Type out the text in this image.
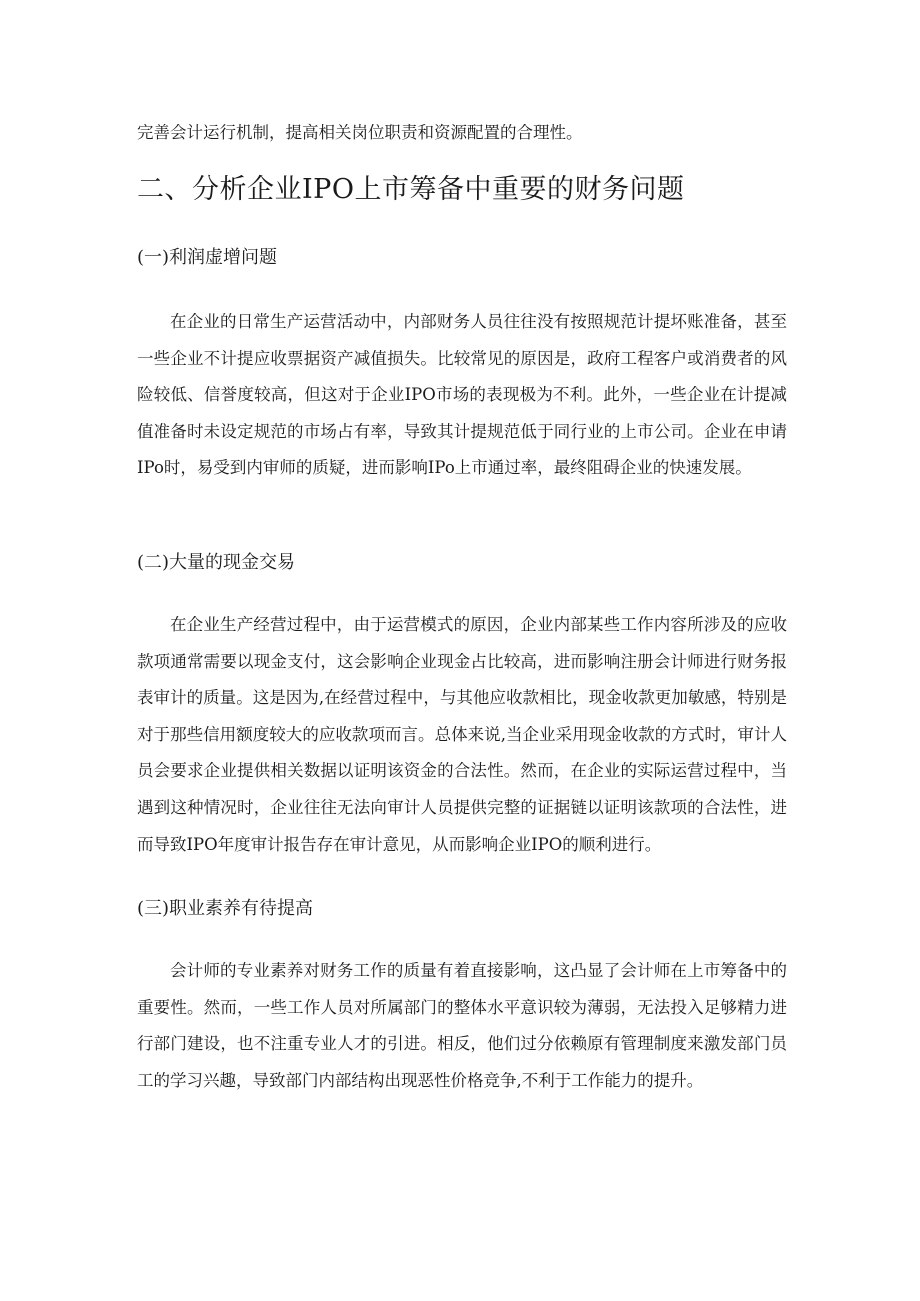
完善会计运行机制，提高相关岗位职责和资源配置的合理性。
二、分析企业IPO上市筹备中重要的财务问题
(一)利润虚增问题
在企业的日常生产运营活动中，内部财务人员往往没有按照规范计提坏账准备，甚至一些企业不计提应收票据资产减值损失。比较常见的原因是，政府工程客户或消费者的风险较低、信誉度较高，但这对于企业IPO市场的表现极为不利。此外，一些企业在计提减值准备时未设定规范的市场占有率，导致其计提规范低于同行业的上市公司。企业在申请IPo时，易受到内审师的质疑，进而影响IPo上市通过率，最终阻碍企业的快速发展。
(二)大量的现金交易
在企业生产经营过程中，由于运营模式的原因，企业内部某些工作内容所涉及的应收款项通常需要以现金支付，这会影响企业现金占比较高，进而影响注册会计师进行财务报表审计的质量。这是因为,在经营过程中，与其他应收款相比，现金收款更加敏感，特别是对于那些信用额度较大的应收款项而言。总体来说,当企业采用现金收款的方式时，审计人员会要求企业提供相关数据以证明该资金的合法性。然而，在企业的实际运营过程中，当遇到这种情况时，企业往往无法向审计人员提供完整的证据链以证明该款项的合法性，进而导致IPO年度审计报告存在审计意见，从而影响企业IPO的顺利进行。
(三)职业素养有待提高
会计师的专业素养对财务工作的质量有着直接影响，这凸显了会计师在上市筹备中的重要性。然而，一些工作人员对所属部门的整体水平意识较为薄弱，无法投入足够精力进行部门建设，也不注重专业人才的引进。相反，他们过分依赖原有管理制度来激发部门员工的学习兴趣，导致部门内部结构出现恶性价格竞争,不利于工作能力的提升。
